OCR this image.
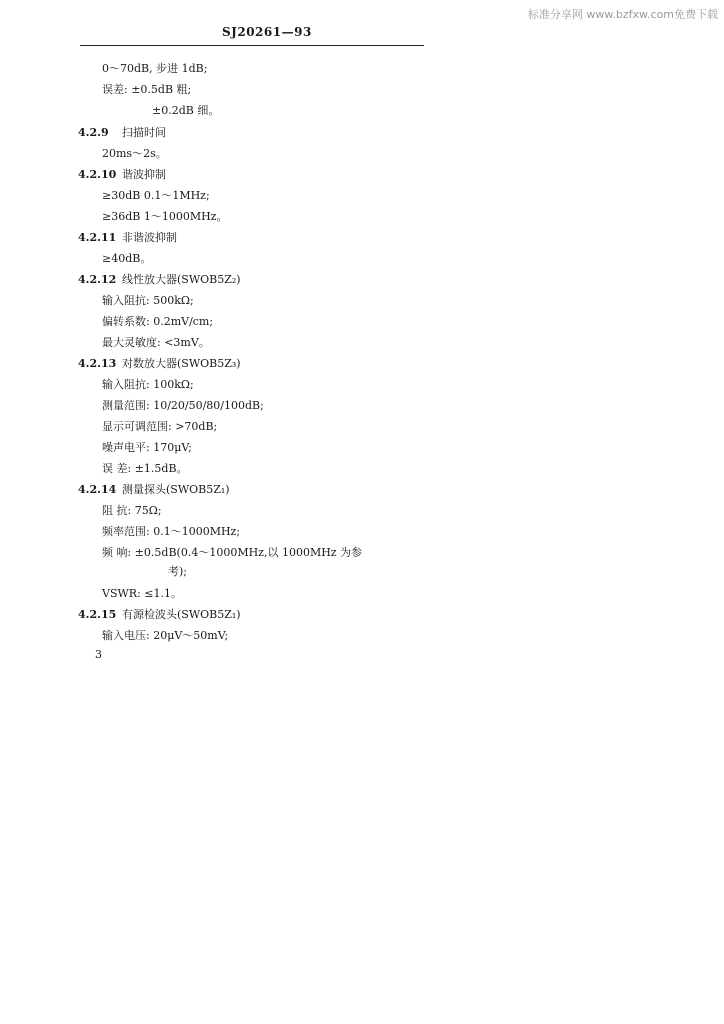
标准分享网 www.bzfxw.com免费下载
SJ20261—93
0～70dB, 步进 1dB;
误差: ±0.5dB 粗;
±0.2dB 细。
4.2.9 扫描时间
20ms～2s。
4.2.10 谐波抑制
≥30dB 0.1～1MHz;
≥36dB 1～1000MHz。
4.2.11 非谐波抑制
≥40dB。
4.2.12 线性放大器(SWOB5Z₂)
输入阻抗: 500kΩ;
偏转系数: 0.2mV/cm;
最大灵敏度: <3mV。
4.2.13 对数放大器(SWOB5Z₃)
输入阻抗: 100kΩ;
测量范围: 10/20/50/80/100dB;
显示可调范围: >70dB;
噪声电平: 170μV;
误 差: ±1.5dB。
4.2.14 测量探头(SWOB5Z₁)
阻 抗: 75Ω;
频率范围: 0.1～1000MHz;
频 响: ±0.5dB(0.4～1000MHz,以 1000MHz 为参
考);
VSWR: ≤1.1。
4.2.15 有源检波头(SWOB5Z₁)
输入电压: 20μV～50mV;
3
